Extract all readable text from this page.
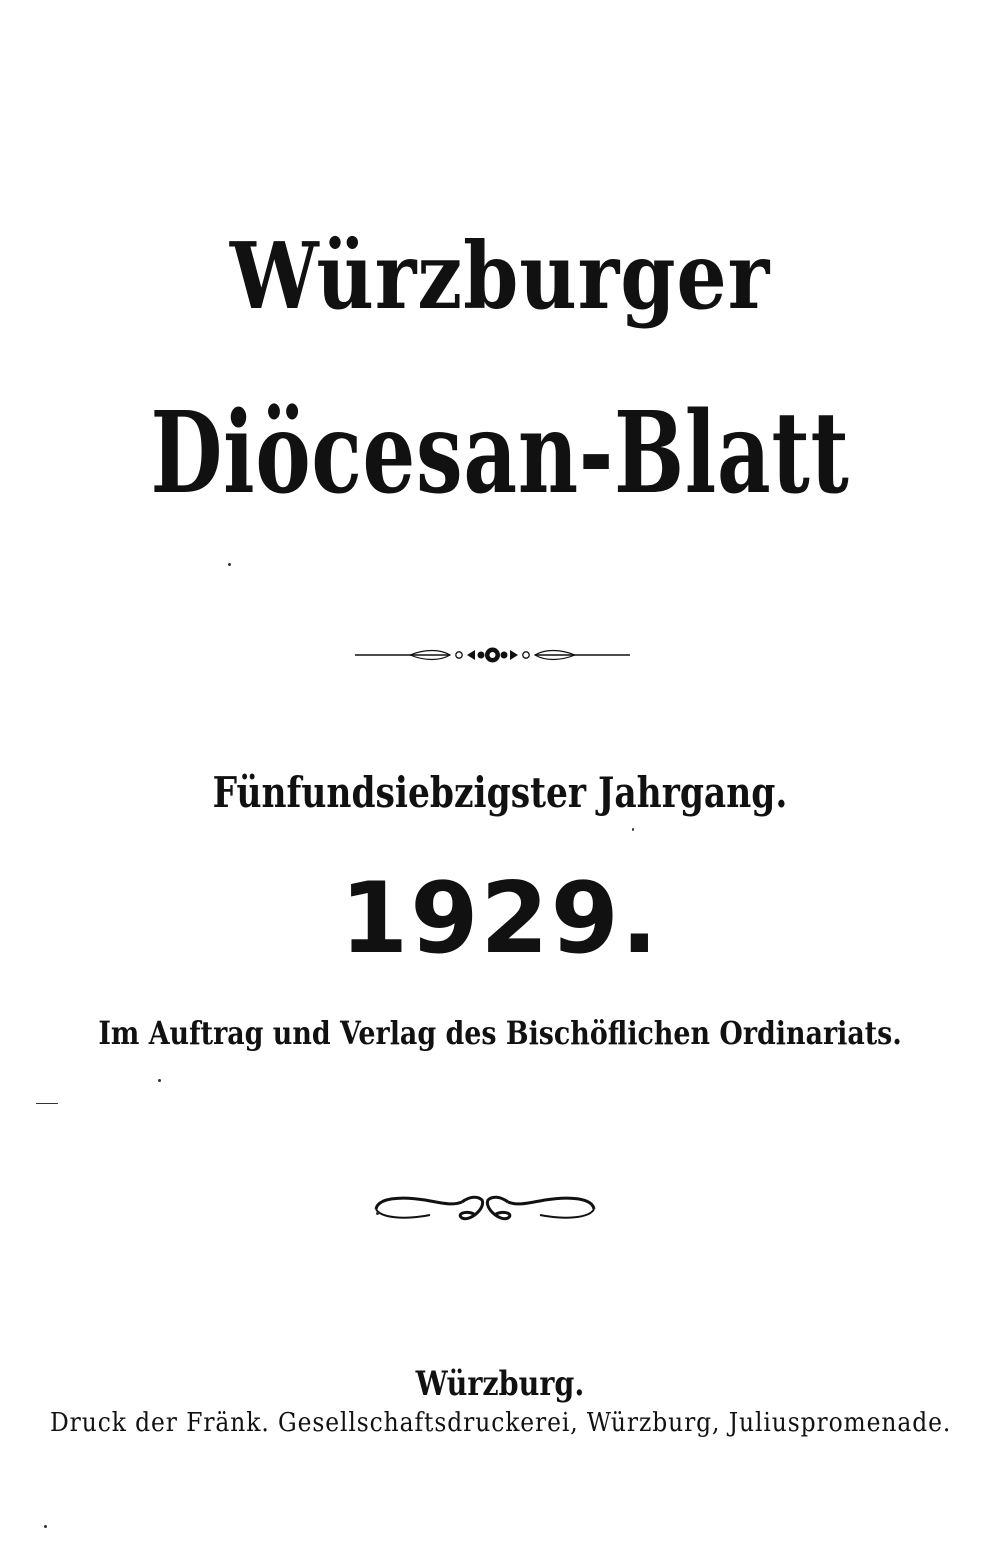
Würzburger
Diöcesan-Blatt
Fünfundsiebzigster Jahrgang.
1929.
Im Auftrag und Verlag des Bischöflichen Ordinariats.
Würzburg.
Druck der Fränk. Gesellschaftsdruckerei, Würzburg, Juliuspromenade.
